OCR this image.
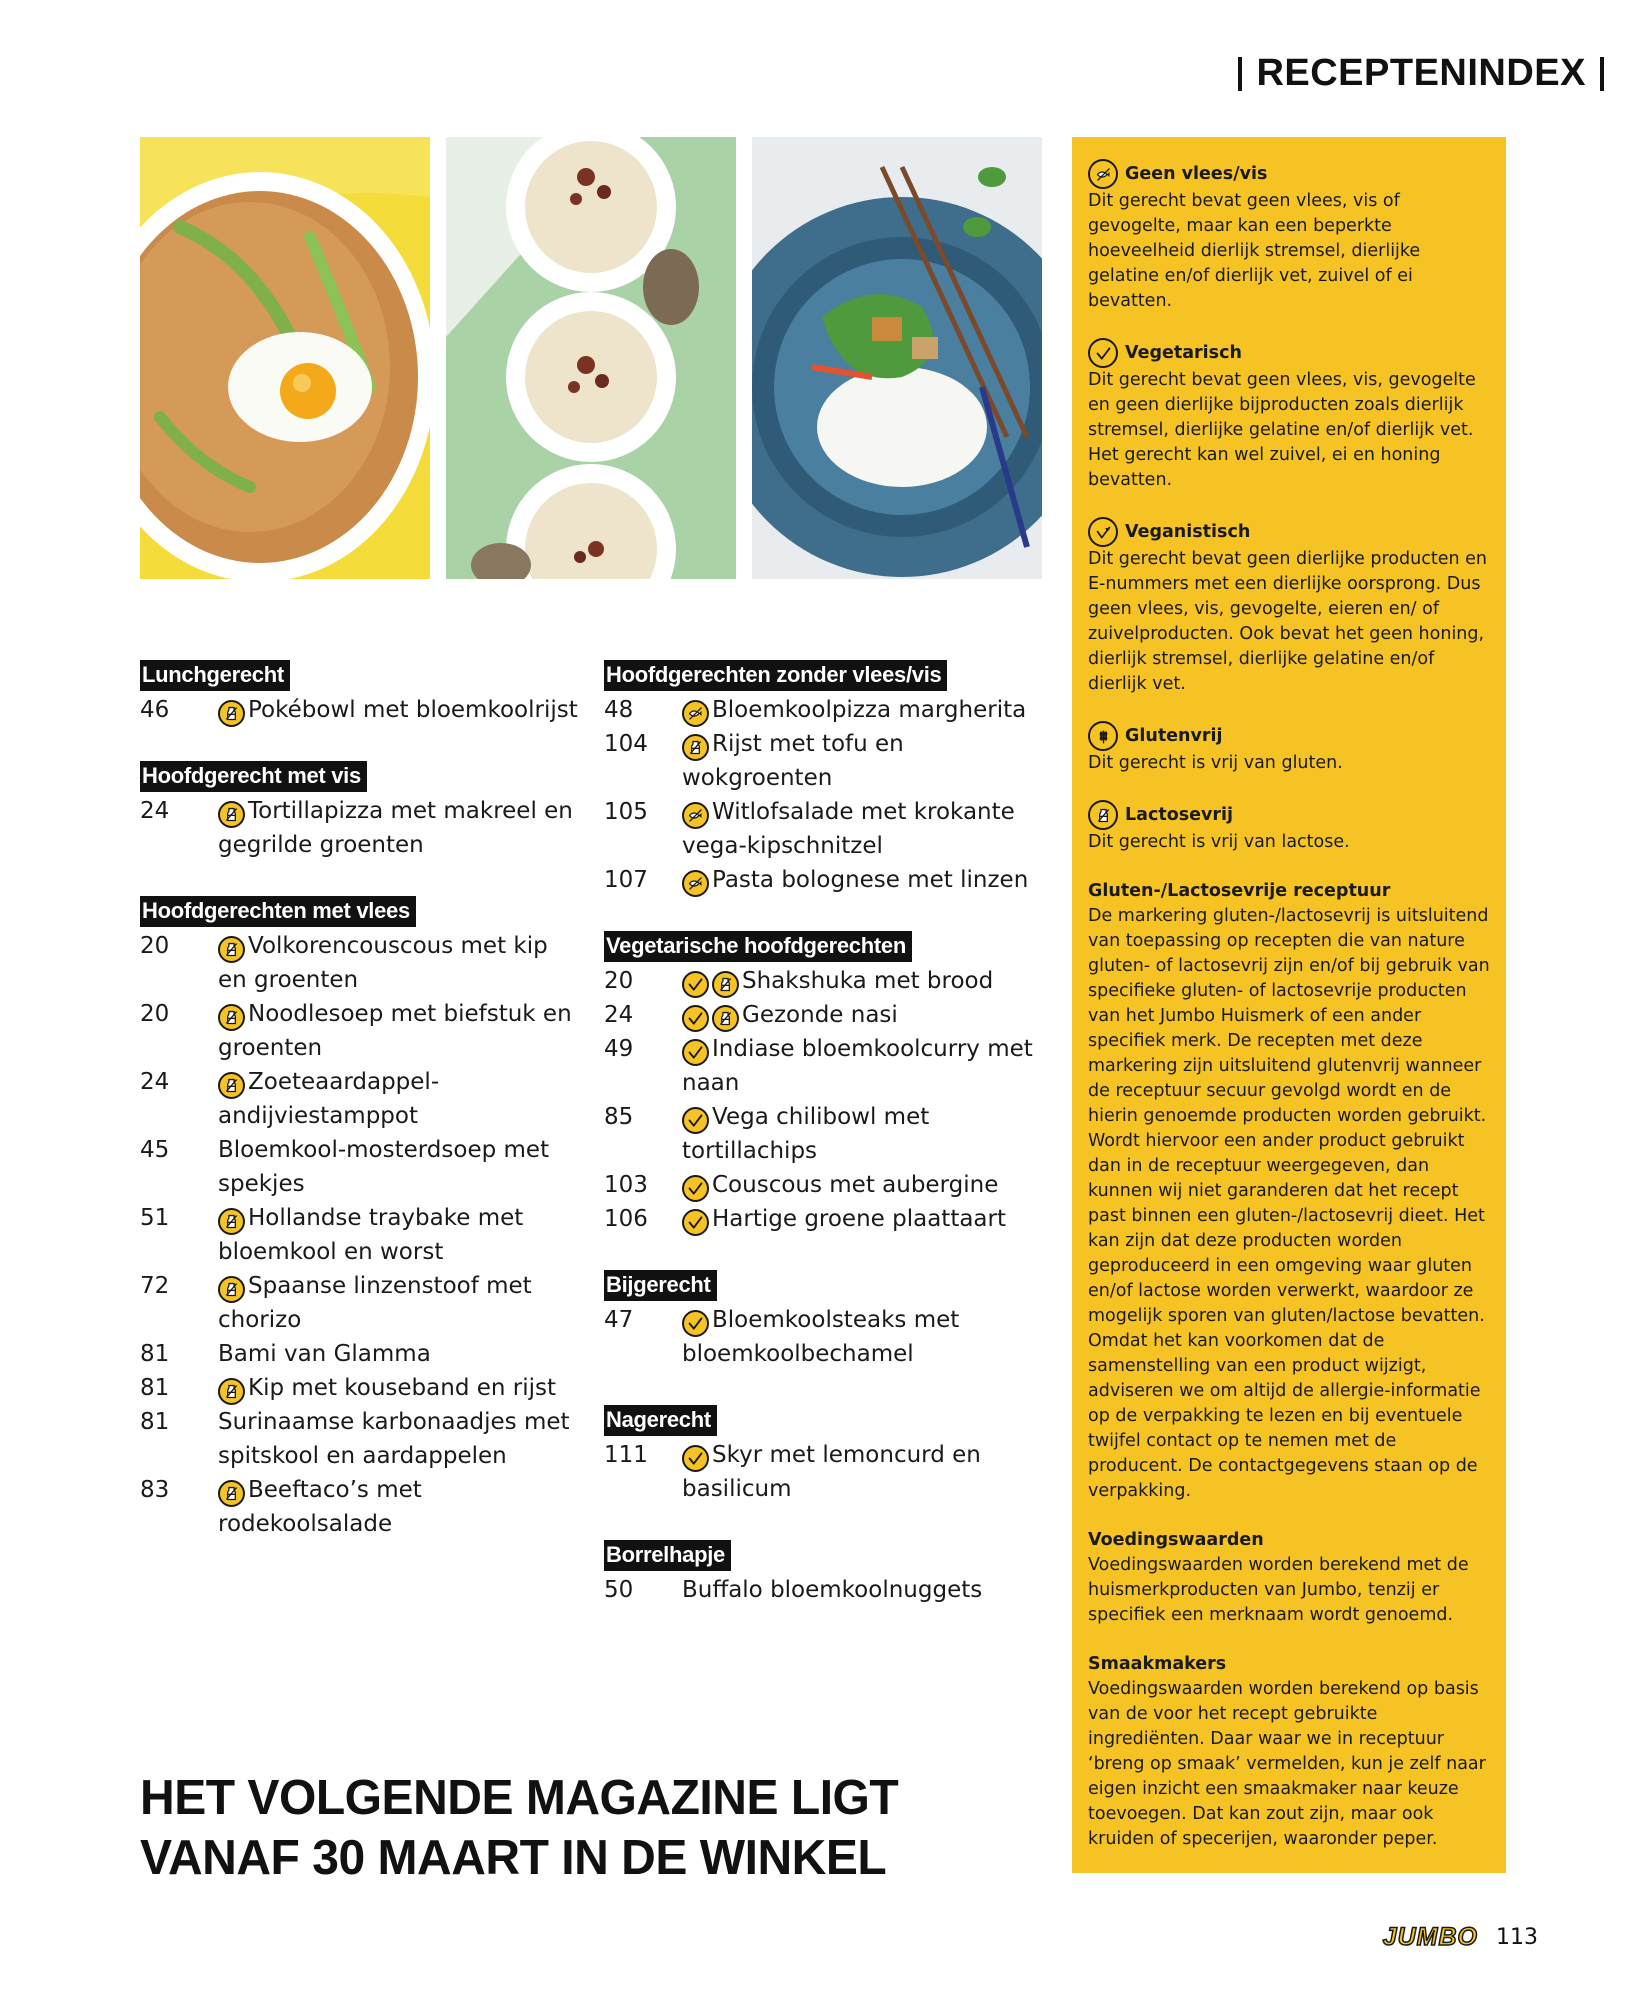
RECEPTENINDEX
Lunchgerecht
46	Pokébowl met bloemkoolrijst
Hoofdgerecht met vis
24	Tortillapizza met makreel en gegrilde groenten
Hoofdgerechten met vlees
20	Volkorencouscous met kip en groenten
20	Noodlesoep met biefstuk en groenten
24	Zoeteaardappel-andijviestamppot
45	Bloemkool-mosterdsoep met spekjes
51	Hollandse traybake met bloemkool en worst
72	Spaanse linzenstoof met chorizo
81	Bami van Glamma
81	Kip met kouseband en rijst
81	Surinaamse karbonaadjes met spitskool en aardappelen
83	Beeftaco’s met rodekoolsalade
Hoofdgerechten zonder vlees/vis
48	Bloemkoolpizza margherita
104	Rijst met tofu en wokgroenten
105	Witlofsalade met krokante vega-kipschnitzel
107	Pasta bolognese met linzen
Vegetarische hoofdgerechten
20	Shakshuka met brood
24	Gezonde nasi
49	Indiase bloemkoolcurry met naan
85	Vega chilibowl met tortillachips
103	Couscous met aubergine
106	Hartige groene plaattaart
Bijgerecht
47	Bloemkoolsteaks met bloemkoolbechamel
Nagerecht
111	Skyr met lemoncurd en basilicum
Borrelhapje
50	Buffalo bloemkoolnuggets
Geen vlees/vis
Dit gerecht bevat geen vlees, vis of gevogelte, maar kan een beperkte hoeveelheid dierlijk stremsel, dierlijke gelatine en/of dierlijk vet, zuivel of ei bevatten.
Vegetarisch
Dit gerecht bevat geen vlees, vis, gevogelte en geen dierlijke bijproducten zoals dierlijk stremsel, dierlijke gelatine en/of dierlijk vet. Het gerecht kan wel zuivel, ei en honing bevatten.
Veganistisch
Dit gerecht bevat geen dierlijke producten en E-nummers met een dierlijke oorsprong. Dus geen vlees, vis, gevogelte, eieren en/ of zuivelproducten. Ook bevat het geen honing, dierlijk stremsel, dierlijke gelatine en/of dierlijk vet.
Glutenvrij
Dit gerecht is vrij van gluten.
Lactosevrij
Dit gerecht is vrij van lactose.
Gluten-/Lactosevrije receptuur
De markering gluten-/lactosevrij is uitsluitend van toepassing op recepten die van nature gluten- of lactosevrij zijn en/of bij gebruik van specifieke gluten- of lactosevrije producten van het Jumbo Huismerk of een ander specifiek merk. De recepten met deze markering zijn uitsluitend glutenvrij wanneer de receptuur secuur gevolgd wordt en de hierin genoemde producten worden gebruikt. Wordt hiervoor een ander product gebruikt dan in de receptuur weergegeven, dan kunnen wij niet garanderen dat het recept past binnen een gluten-/lactosevrij dieet. Het kan zijn dat deze producten worden geproduceerd in een omgeving waar gluten en/of lactose worden verwerkt, waardoor ze mogelijk sporen van gluten/lactose bevatten. Omdat het kan voorkomen dat de samenstelling van een product wijzigt, adviseren we om altijd de allergie-informatie op de verpakking te lezen en bij eventuele twijfel contact op te nemen met de producent. De contactgegevens staan op de verpakking.
Voedingswaarden
Voedingswaarden worden berekend met de huismerkproducten van Jumbo, tenzij er specifiek een merknaam wordt genoemd.
Smaakmakers
Voedingswaarden worden berekend op basis van de voor het recept gebruikte ingrediënten. Daar waar we in receptuur ‘breng op smaak’ vermelden, kun je zelf naar eigen inzicht een smaakmaker naar keuze toevoegen. Dat kan zout zijn, maar ook kruiden of specerijen, waaronder peper.
HET VOLGENDE MAGAZINE LIGT
VANAF 30 MAART IN DE WINKEL
JUMBO 113
